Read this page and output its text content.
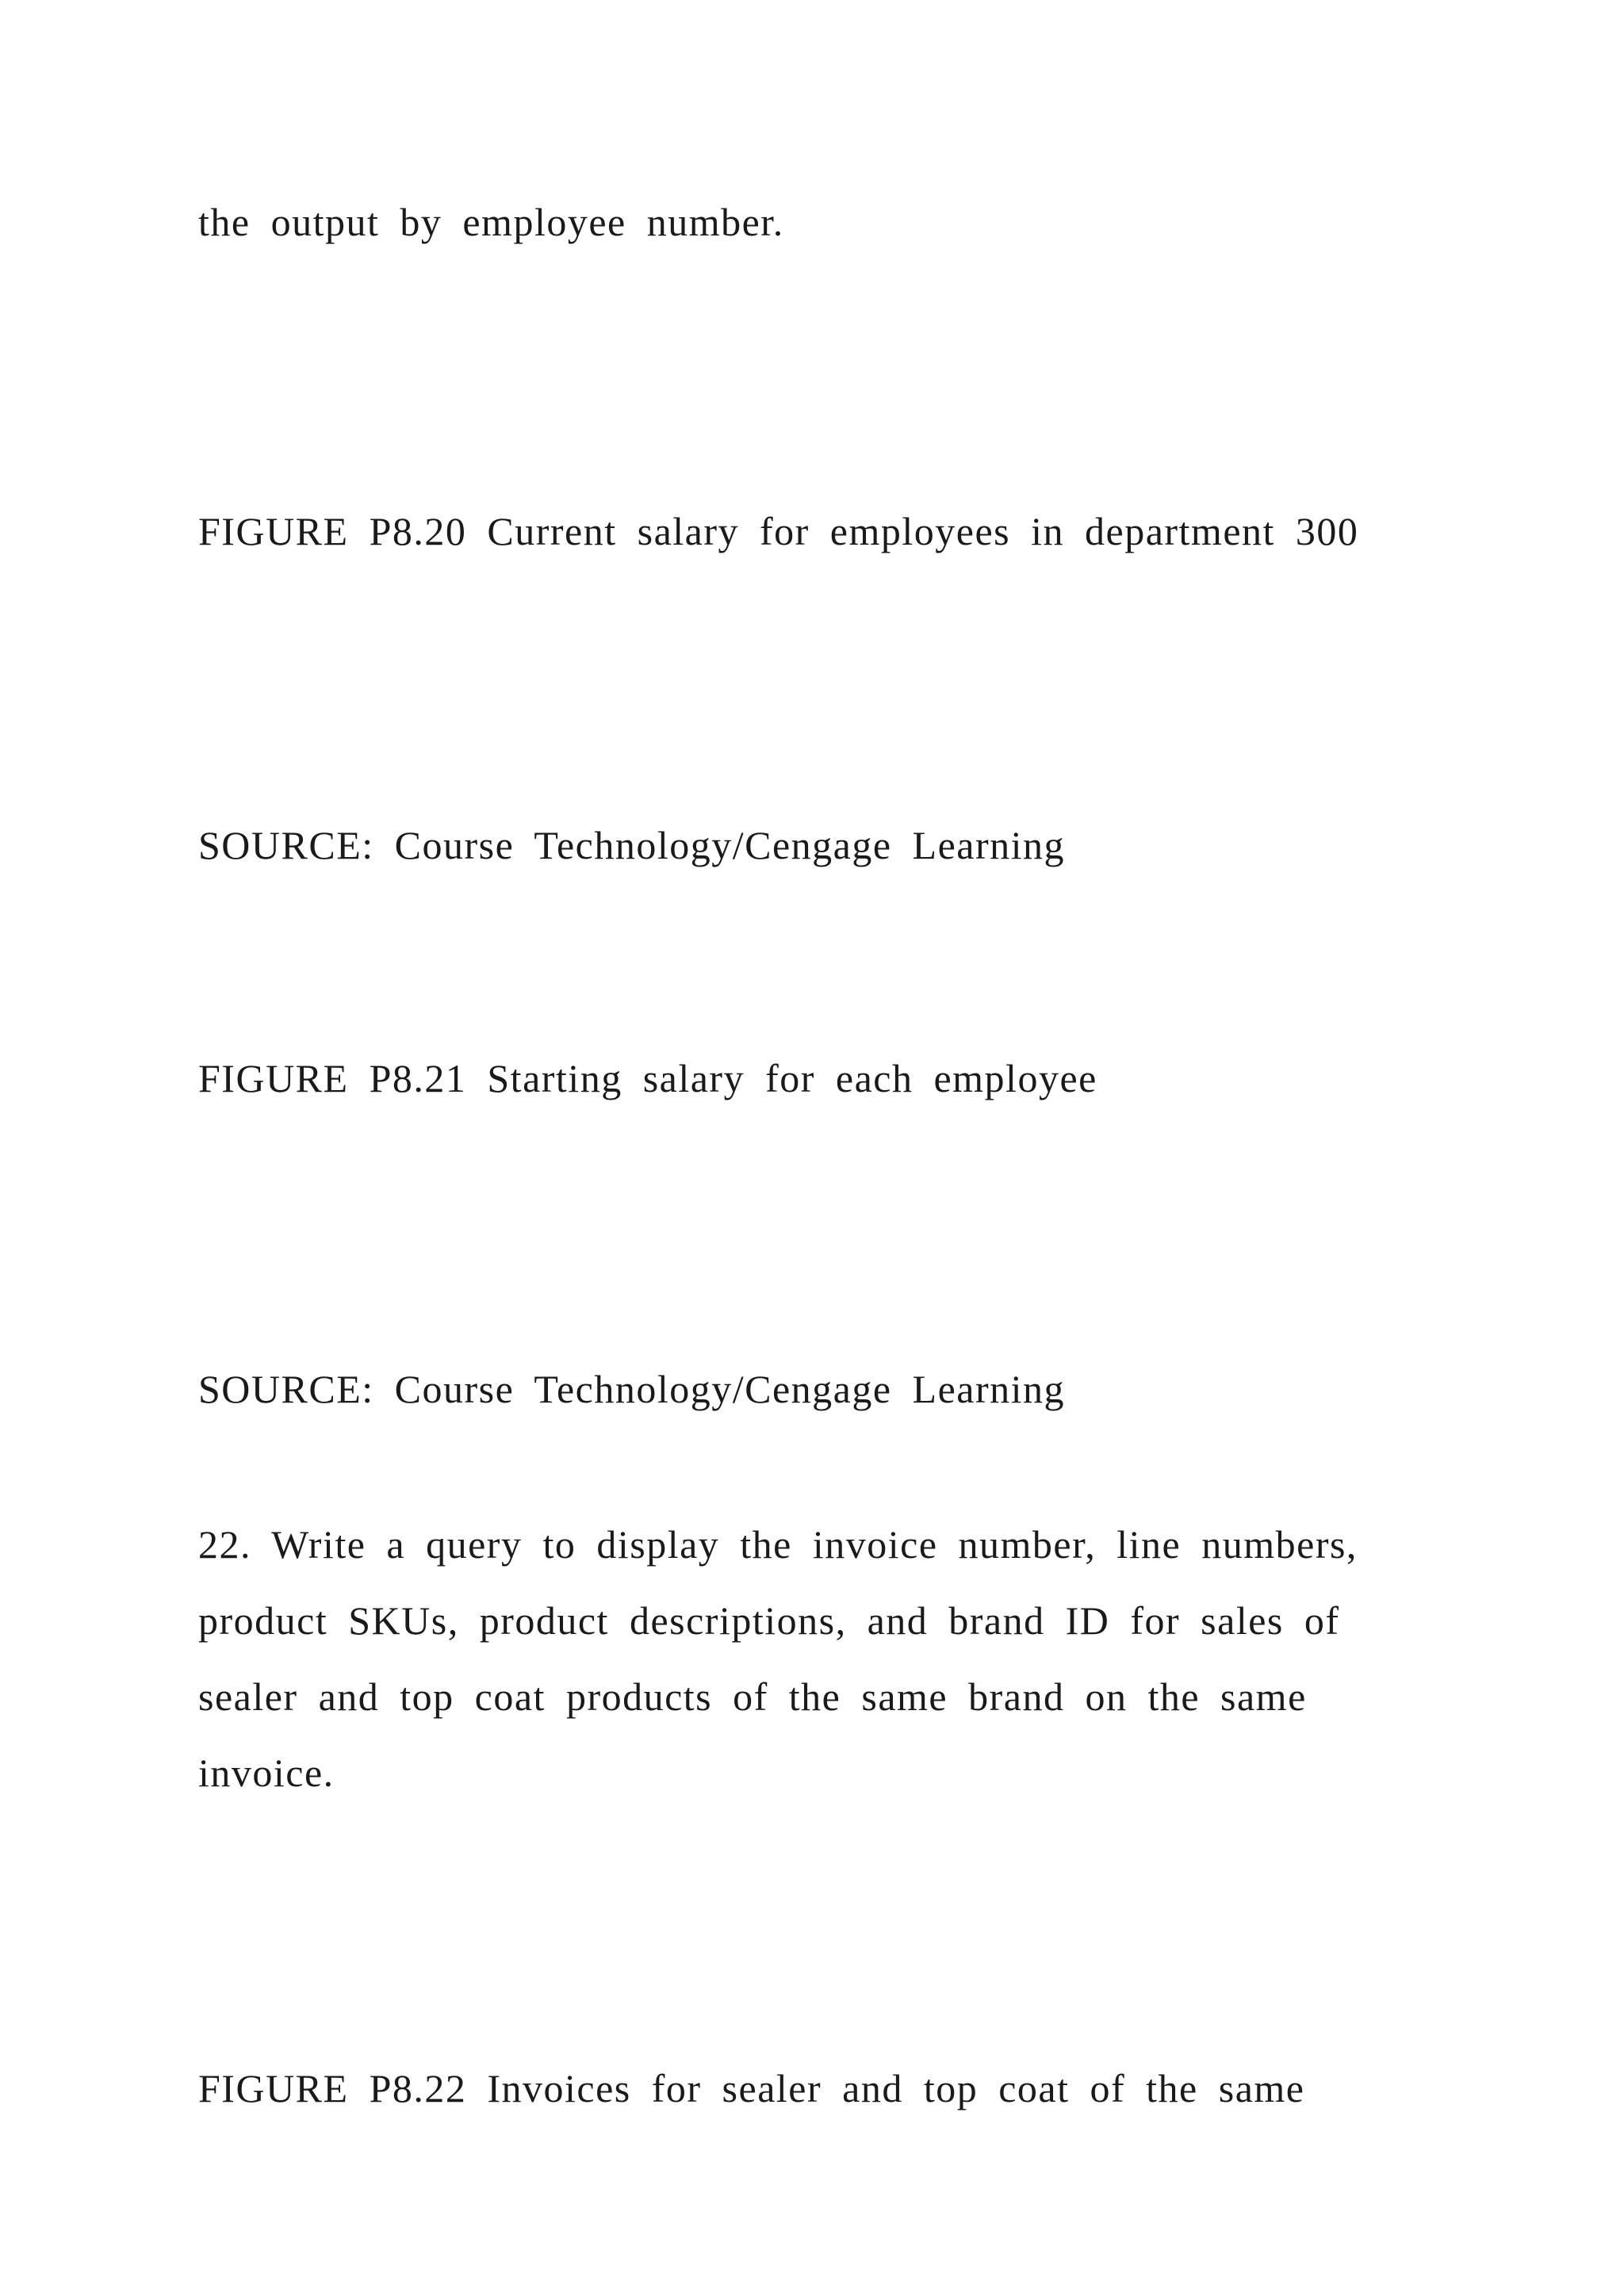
the output by employee number.

FIGURE P8.20 Current salary for employees in department 300

SOURCE: Course Technology/Cengage Learning

FIGURE P8.21 Starting salary for each employee

SOURCE: Course Technology/Cengage Learning

22. Write a query to display the invoice number, line numbers,
product SKUs, product descriptions, and brand ID for sales of
sealer and top coat products of the same brand on the same
invoice.

FIGURE P8.22 Invoices for sealer and top coat of the same
